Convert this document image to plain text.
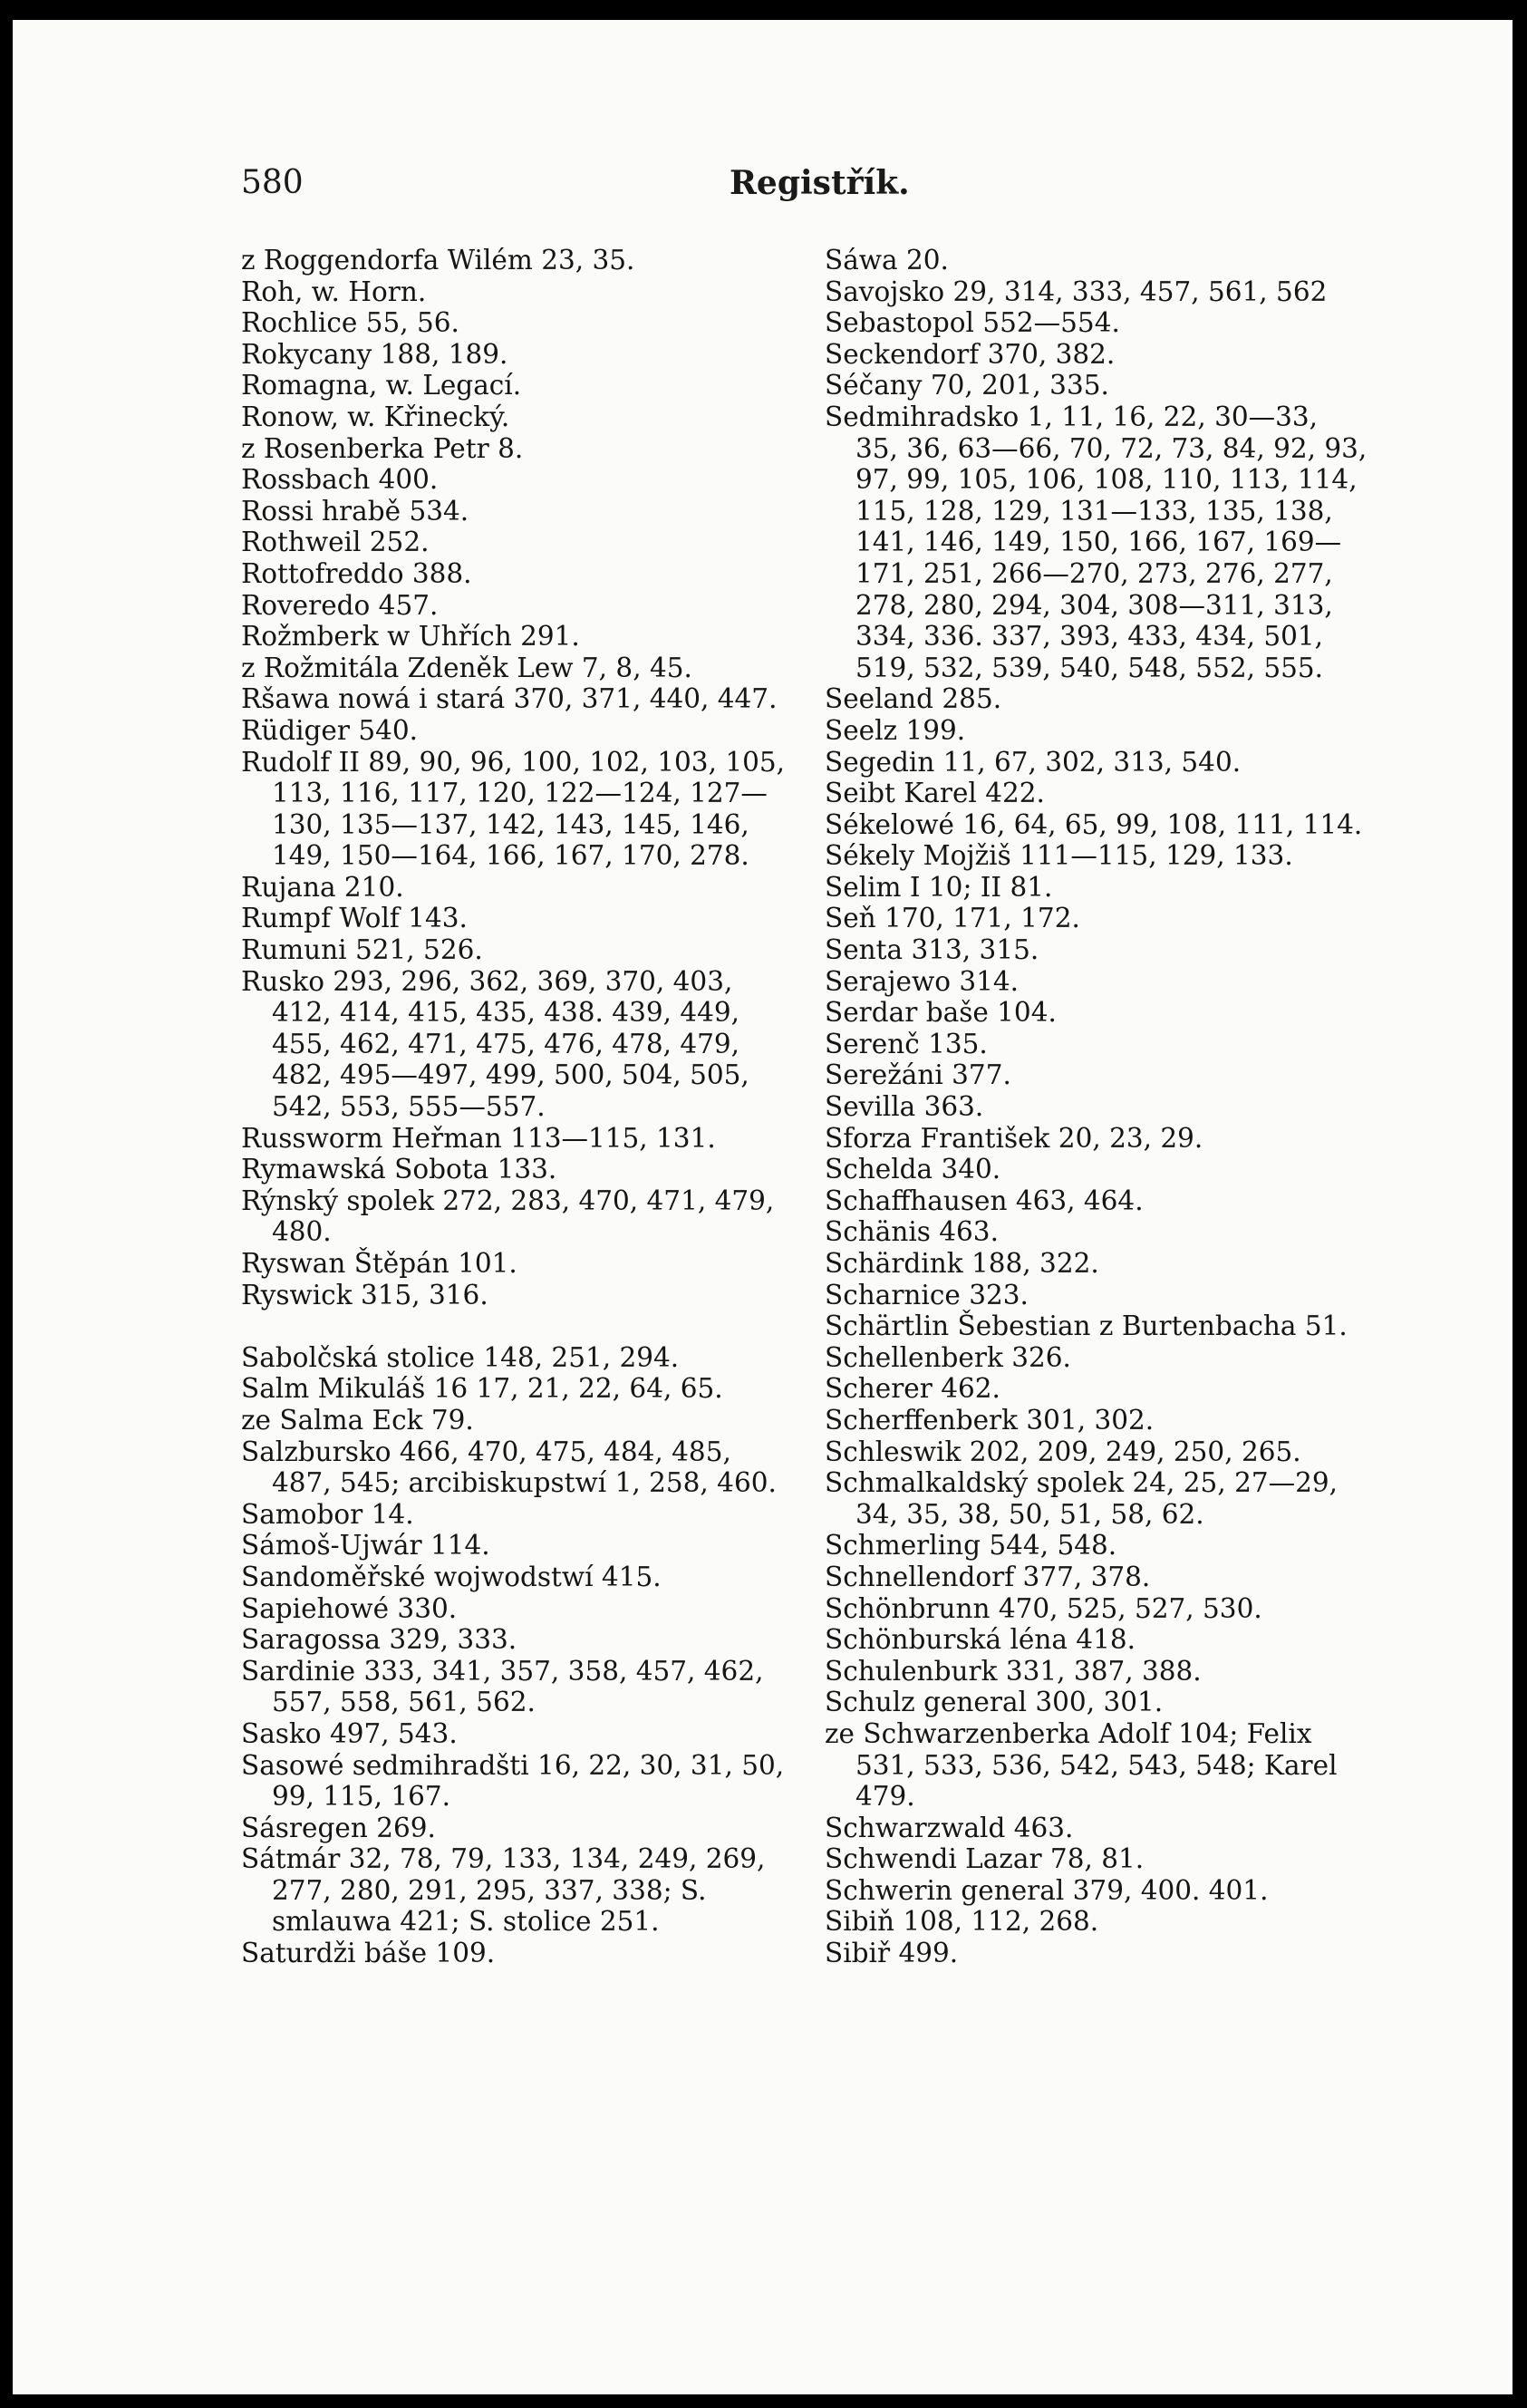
580	Registřík.
z Roggendorfa Wilém 23, 35.
Roh, w. Horn.
Rochlice 55, 56.
Rokycany 188, 189.
Romagna, w. Legací.
Ronow, w. Křinecký.
z Rosenberka Petr 8.
Rossbach 400.
Rossi hrabě 534.
Rothweil 252.
Rottofreddo 388.
Roveredo 457.
Rožmberk w Uhřích 291.
z Rožmitála Zdeněk Lew 7, 8, 45.
Ršawa nowá i stará 370, 371, 440, 447.
Rüdiger 540.
Rudolf II 89, 90, 96, 100, 102, 103, 105, 113, 116, 117, 120, 122—124, 127—130, 135—137, 142, 143, 145, 146, 149, 150—164, 166, 167, 170, 278.
Rujana 210.
Rumpf Wolf 143.
Rumuni 521, 526.
Rusko 293, 296, 362, 369, 370, 403, 412, 414, 415, 435, 438. 439, 449, 455, 462, 471, 475, 476, 478, 479, 482, 495—497, 499, 500, 504, 505, 542, 553, 555—557.
Russworm Heřman 113—115, 131.
Rymawská Sobota 133.
Rýnský spolek 272, 283, 470, 471, 479, 480.
Ryswan Štěpán 101.
Ryswick 315, 316.
Sabolčská stolice 148, 251, 294.
Salm Mikuláš 16 17, 21, 22, 64, 65.
ze Salma Eck 79.
Salzbursko 466, 470, 475, 484, 485, 487, 545; arcibiskupstwí 1, 258, 460.
Samobor 14.
Sámoš-Ujwár 114.
Sandoměřské wojwodstwí 415.
Sapiehowé 330.
Saragossa 329, 333.
Sardinie 333, 341, 357, 358, 457, 462, 557, 558, 561, 562.
Sasko 497, 543.
Sasowé sedmihradšti 16, 22, 30, 31, 50, 99, 115, 167.
Sásregen 269.
Sátmár 32, 78, 79, 133, 134, 249, 269, 277, 280, 291, 295, 337, 338; S. smlauwa 421; S. stolice 251.
Saturdži báše 109.
Sáwa 20.
Savojsko 29, 314, 333, 457, 561, 562
Sebastopol 552—554.
Seckendorf 370, 382.
Séčany 70, 201, 335.
Sedmihradsko 1, 11, 16, 22, 30—33, 35, 36, 63—66, 70, 72, 73, 84, 92, 93, 97, 99, 105, 106, 108, 110, 113, 114, 115, 128, 129, 131—133, 135, 138, 141, 146, 149, 150, 166, 167, 169—171, 251, 266—270, 273, 276, 277, 278, 280, 294, 304, 308—311, 313, 334, 336. 337, 393, 433, 434, 501, 519, 532, 539, 540, 548, 552, 555.
Seeland 285.
Seelz 199.
Segedin 11, 67, 302, 313, 540.
Seibt Karel 422.
Sékelowé 16, 64, 65, 99, 108, 111, 114.
Sékely Mojžiš 111—115, 129, 133.
Selim I 10; II 81.
Seň 170, 171, 172.
Senta 313, 315.
Serajewo 314.
Serdar baše 104.
Serenč 135.
Serežáni 377.
Sevilla 363.
Sforza František 20, 23, 29.
Schelda 340.
Schaffhausen 463, 464.
Schänis 463.
Schärdink 188, 322.
Scharnice 323.
Schärtlin Šebestian z Burtenbacha 51.
Schellenberk 326.
Scherer 462.
Scherffenberk 301, 302.
Schleswik 202, 209, 249, 250, 265.
Schmalkaldský spolek 24, 25, 27—29, 34, 35, 38, 50, 51, 58, 62.
Schmerling 544, 548.
Schnellendorf 377, 378.
Schönbrunn 470, 525, 527, 530.
Schönburská léna 418.
Schulenburk 331, 387, 388.
Schulz general 300, 301.
ze Schwarzenberka Adolf 104; Felix 531, 533, 536, 542, 543, 548; Karel 479.
Schwarzwald 463.
Schwendi Lazar 78, 81.
Schwerin general 379, 400. 401.
Sibiň 108, 112, 268.
Sibiř 499.
